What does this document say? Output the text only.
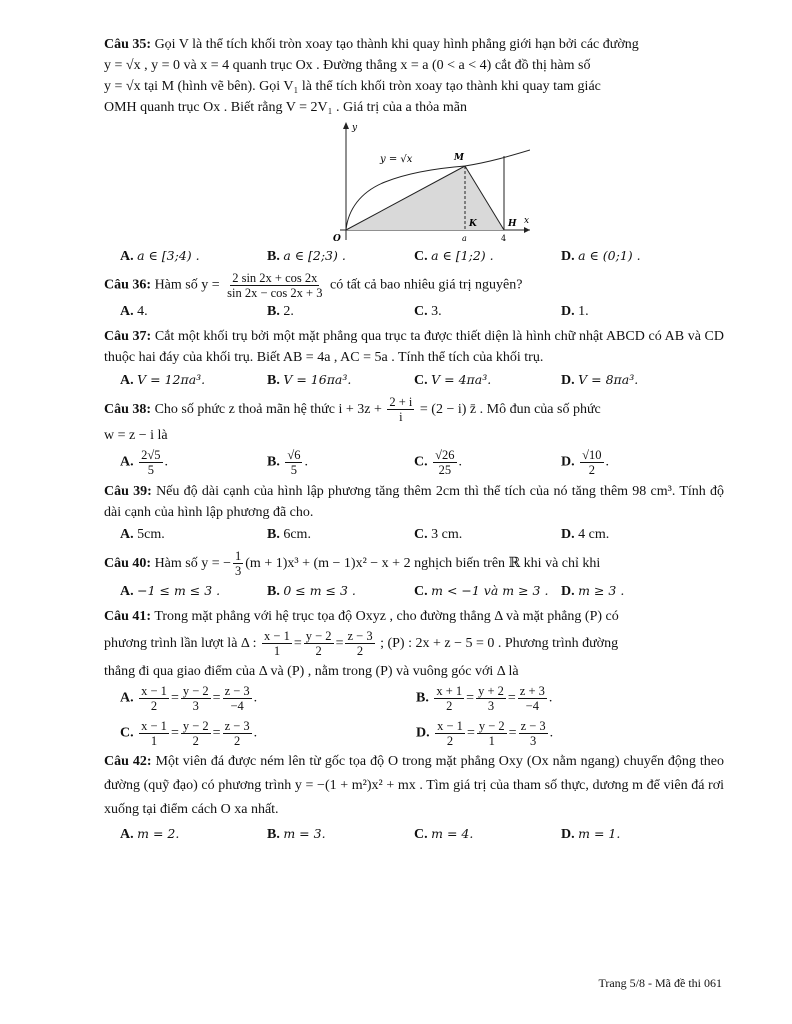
Câu 35: Gọi V là thể tích khối tròn xoay tạo thành khi quay hình phẳng giới hạn bởi các đường

y = √x , y = 0 và x = 4 quanh trục Ox . Đường thẳng x = a (0 < a < 4) cắt đồ thị hàm số

y = √x tại M (hình vẽ bên). Gọi V₁ là thể tích khối tròn xoay tạo thành khi quay tam giác

OMH quanh trục Ox . Biết rằng V = 2V₁ . Giá trị của a thỏa mãn

y
x
y = √x
O
M
K	H
a	4
A. a ∈ [3;4) .	B. a ∈ [2;3) .	C. a ∈ [1;2) .	D. a ∈ (0;1) .

Câu 36: Hàm số $y = \frac{2 \sin 2x + \cos 2x}{\sin 2x - \cos 2x + 3}$ có tất cả bao nhiêu giá trị nguyên?

A. 4.	B. 2.	C. 3.	D. 1.

Câu 37: Cắt một khối trụ bởi một mặt phẳng qua trục ta được thiết diện là hình chữ nhật ABCD có AB và CD thuộc hai đáy của khối trụ. Biết AB = 4a , AC = 5a . Tính thể tích của khối trụ.

A. V = 12πa³.	B. V = 16πa³.	C. V = 4πa³.	D. V = 8πa³.

Câu 38: Cho số phức z thoả mãn hệ thức $i + 3z + \frac{2 + i}{i} = (2 - i)$ z̄ . Mô đun của số phức

w = z − i là

A. $\frac{2√5}{5}$ .	B. $\frac{√6}{5}$ .	C. $\frac{√26}{25}$ .	D. $\frac{√10}{2}$ .

Câu 39: Nếu độ dài cạnh của hình lập phương tăng thêm 2cm thì thể tích của nó tăng thêm 98 cm³. Tính độ dài cạnh của hình lập phương đã cho.

A. 5cm.	B. 6cm.	C. 3 cm.	D. 4 cm.

Câu 40: Hàm số y = − $\frac{1}{3} (m + 1)x^3 + (m - 1)x^2 - x + 2$ nghịch biến trên ℝ khi và chỉ khi

A. −1 ≤ m ≤ 3 .	B. 0 ≤ m ≤ 3 .	C. m < −1 và m ≥ 3 . D. m ≥ 3 .

Câu 41: Trong mặt phẳng với hệ trục tọa độ Oxyz , cho đường thẳng Δ và mặt phẳng (P) có

phương trình lần lượt là Δ : $\frac{x - 1}{1} = \frac{y - 2}{2} = \frac{z - 3}{2}$ ; (P) : 2x + z − 5 = 0 . Phương trình đường

thẳng đi qua giao điểm của Δ và (P) , nằm trong (P) và vuông góc với Δ là

A. $\frac{x - 1}{2} = \frac{y - 2}{3} = \frac{z - 3}{-4}$ .	B. $\frac{x + 1}{2} = \frac{y + 2}{3} = \frac{z + 3}{-4}$ .
C. $\frac{x - 1}{1} = \frac{y - 2}{2} = \frac{z - 3}{2}$ .	D. $\frac{x - 1}{2} = \frac{y - 2}{1} = \frac{z - 3}{3}$ .

Câu 42: Một viên đá được ném lên từ gốc tọa độ O trong mặt phẳng Oxy (Ox nằm ngang) chuyển động theo đường (quỹ đạo) có phương trình y = −(1 + m²)x² + mx . Tìm giá trị của tham số thực, dương m để viên đá rơi xuống tại điểm cách O xa nhất.

A. m = 2.	B. m = 3.	C. m = 4.	D. m = 1.
Trang 5/8 - Mã đề thi 061
